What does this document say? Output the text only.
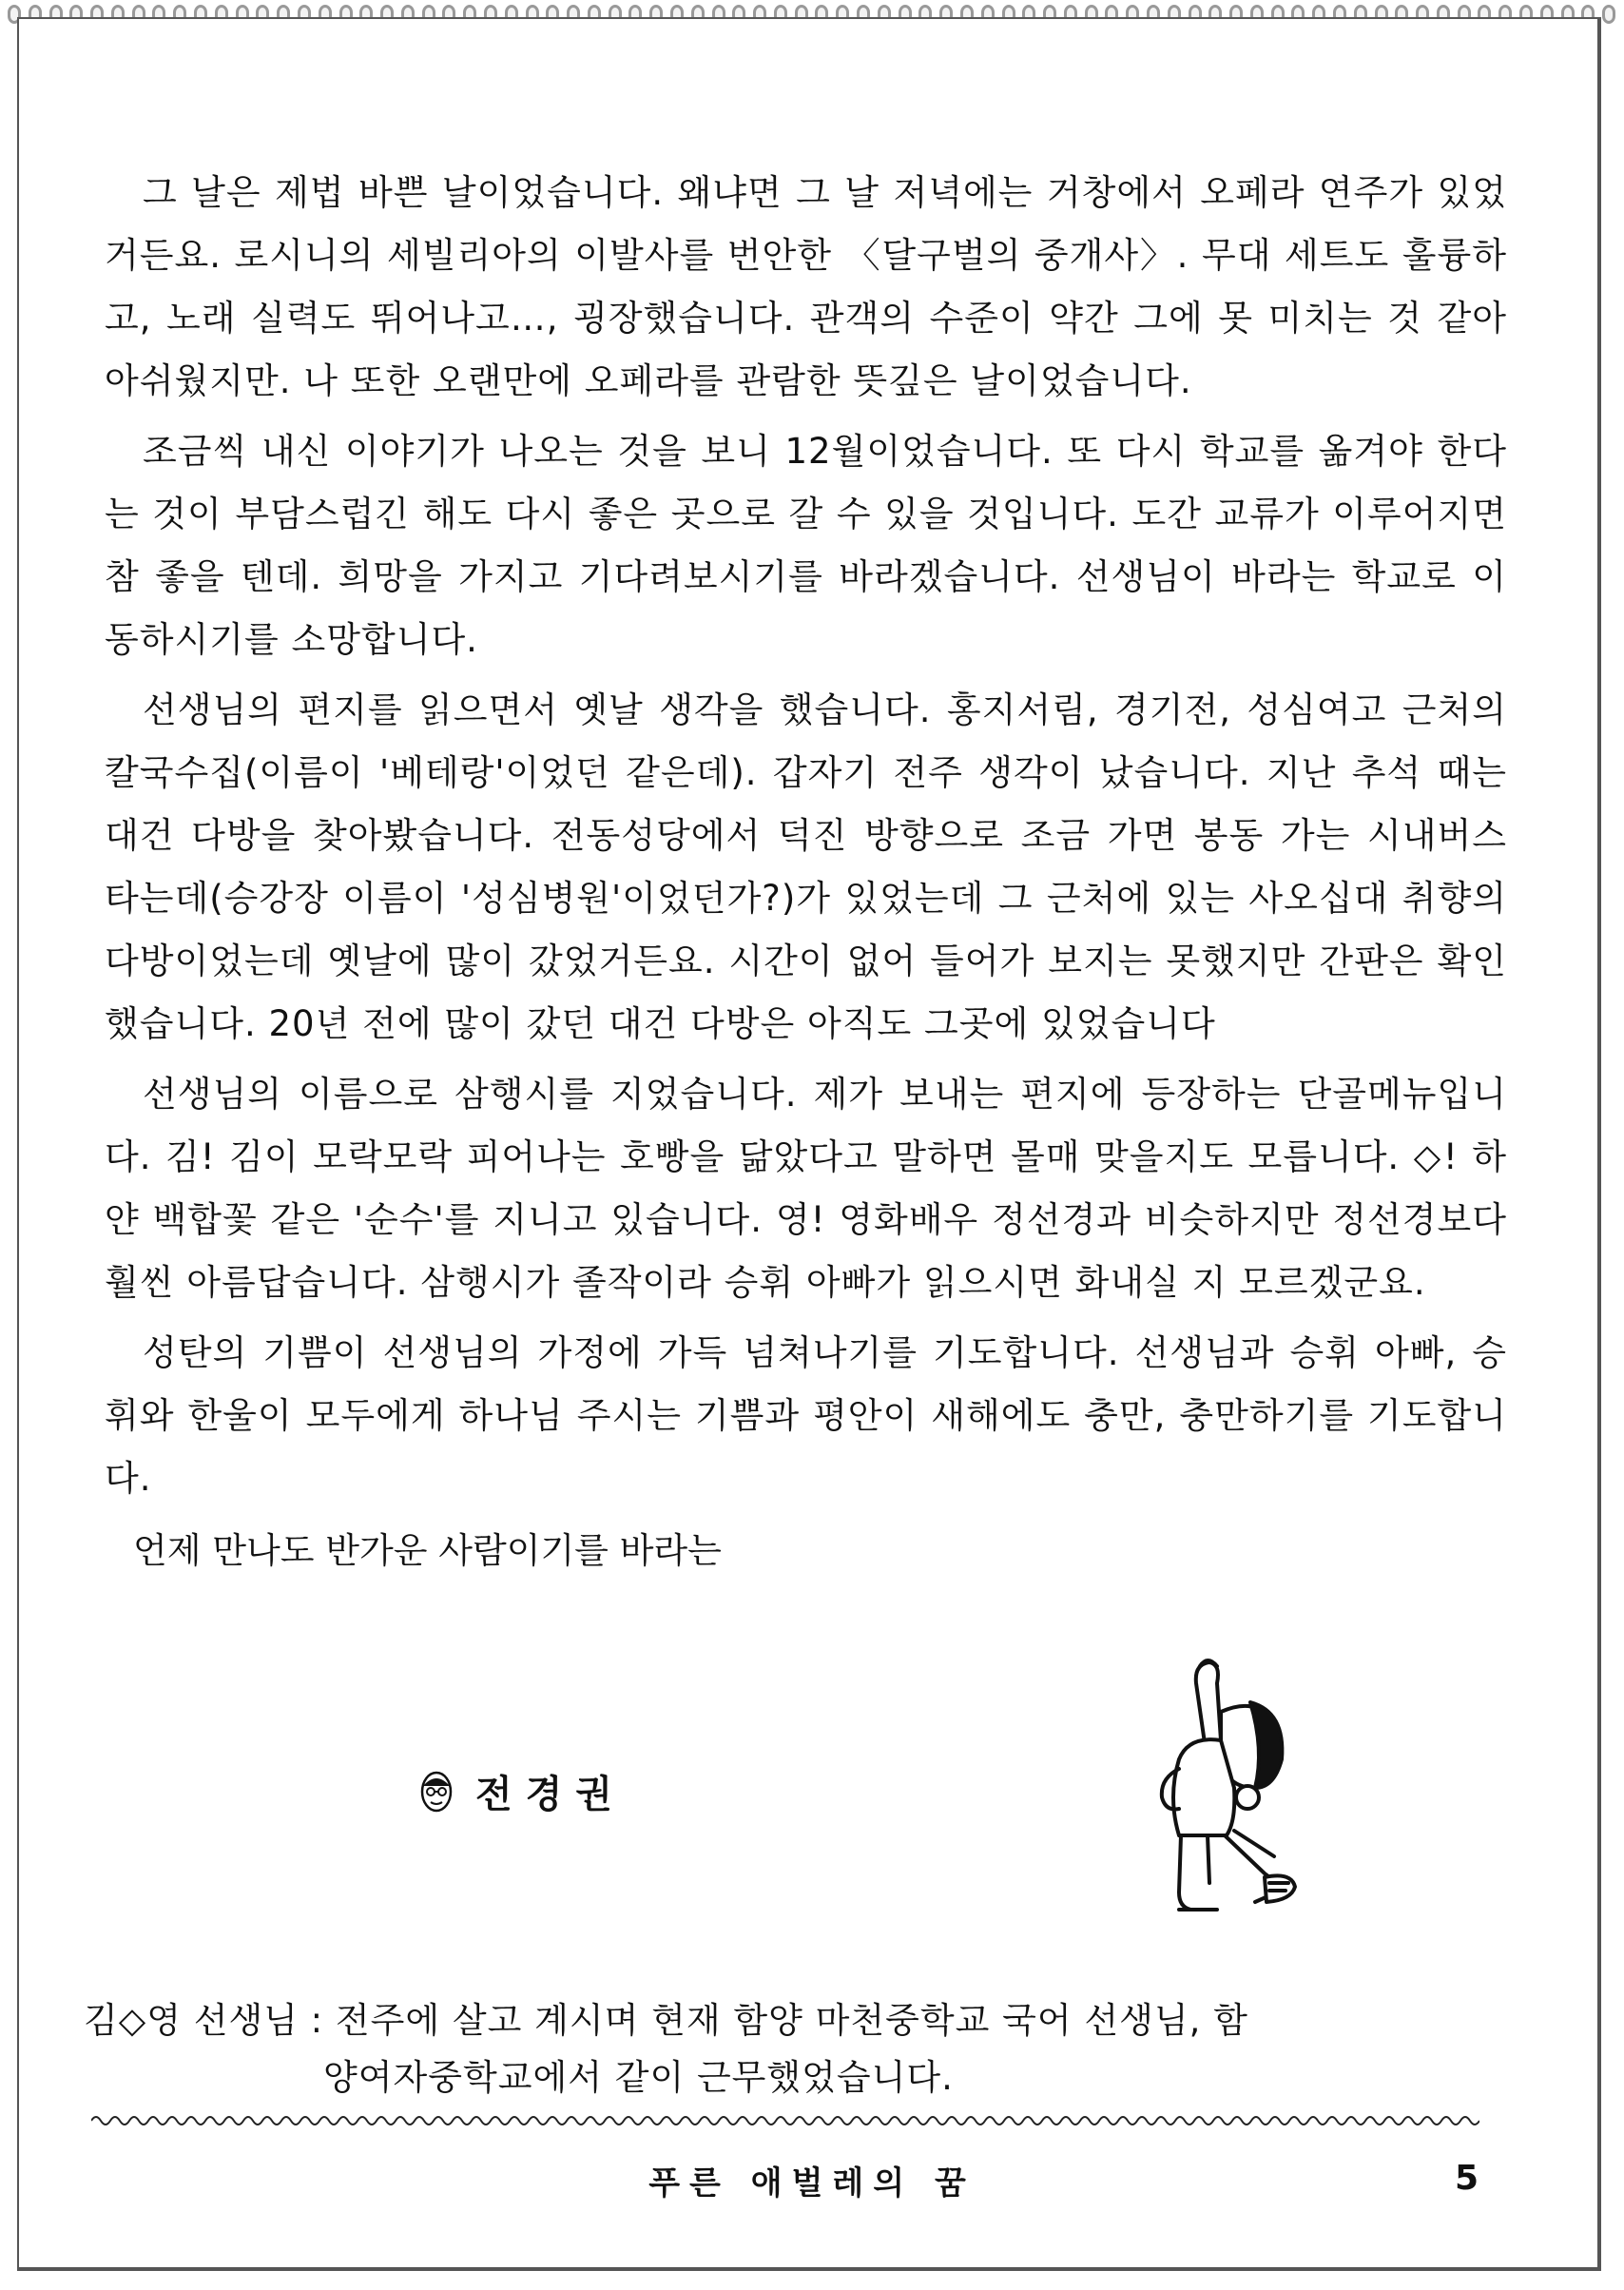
그 날은 제법 바쁜 날이었습니다. 왜냐면 그 날 저녁에는 거창에서 오페라 연주가 있었거든요. 로시니의 세빌리아의 이발사를 번안한 〈달구벌의 중개사〉. 무대 세트도 훌륭하고, 노래 실력도 뛰어나고…, 굉장했습니다. 관객의 수준이 약간 그에 못 미치는 것 같아 아쉬웠지만. 나 또한 오랜만에 오페라를 관람한 뜻깊은 날이었습니다.

조금씩 내신 이야기가 나오는 것을 보니 12월이었습니다. 또 다시 학교를 옮겨야 한다는 것이 부담스럽긴 해도 다시 좋은 곳으로 갈 수 있을 것입니다. 도간 교류가 이루어지면 참 좋을 텐데. 희망을 가지고 기다려보시기를 바라겠습니다. 선생님이 바라는 학교로 이동하시기를 소망합니다.

선생님의 편지를 읽으면서 옛날 생각을 했습니다. 홍지서림, 경기전, 성심여고 근처의 칼국수집(이름이 '베테랑'이었던 같은데). 갑자기 전주 생각이 났습니다. 지난 추석 때는 대건 다방을 찾아봤습니다. 전동성당에서 덕진 방향으로 조금 가면 봉동 가는 시내버스 타는데(승강장 이름이 '성심병원'이었던가?)가 있었는데 그 근처에 있는 사오십대 취향의 다방이었는데 옛날에 많이 갔었거든요. 시간이 없어 들어가 보지는 못했지만 간판은 확인했습니다. 20년 전에 많이 갔던 대건 다방은 아직도 그곳에 있었습니다

선생님의 이름으로 삼행시를 지었습니다. 제가 보내는 편지에 등장하는 단골메뉴입니다. 김! 김이 모락모락 피어나는 호빵을 닮았다고 말하면 몰매 맞을지도 모릅니다. ◇! 하얀 백합꽃 같은 '순수'를 지니고 있습니다. 영! 영화배우 정선경과 비슷하지만 정선경보다 훨씬 아름답습니다. 삼행시가 졸작이라 승휘 아빠가 읽으시면 화내실 지 모르겠군요.

성탄의 기쁨이 선생님의 가정에 가득 넘쳐나기를 기도합니다. 선생님과 승휘 아빠, 승휘와 한울이 모두에게 하나님 주시는 기쁨과 평안이 새해에도 충만, 충만하기를 기도합니다.

언제 만나도 반가운 사람이기를 바라는
전경권
김◇영 선생님 : 전주에 살고 계시며 현재 함양 마천중학교 국어 선생님, 함
양여자중학교에서 같이 근무했었습니다.
푸른 애벌레의 꿈	5
